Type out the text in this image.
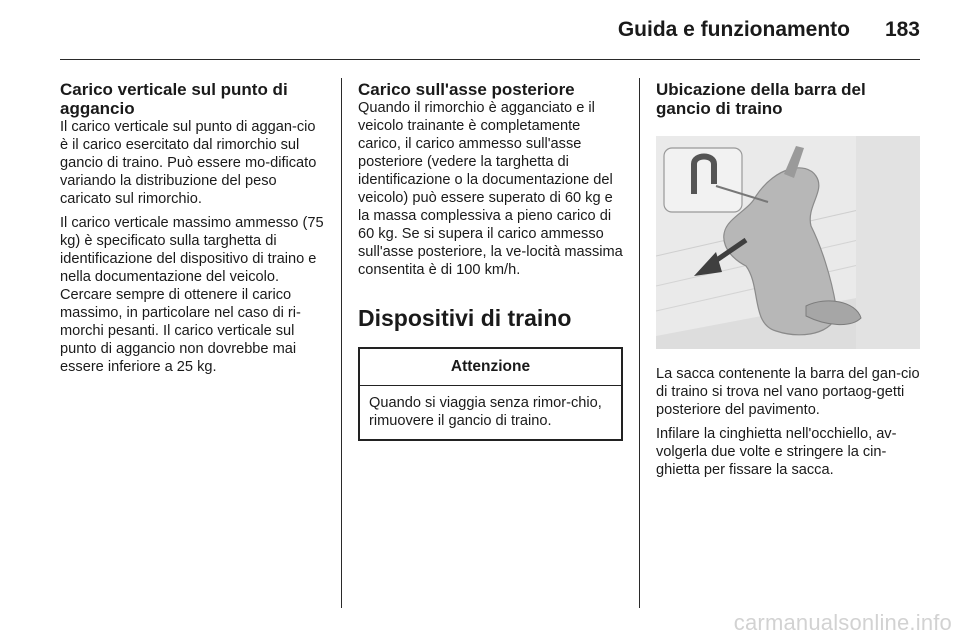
Guida e funzionamento 183
Carico verticale sul punto di aggancio

Il carico verticale sul punto di aggan-cio è il carico esercitato dal rimorchio sul gancio di traino. Può essere mo-dificato variando la distribuzione del peso caricato sul rimorchio.

Il carico verticale massimo ammesso (75 kg) è specificato sulla targhetta di identificazione del dispositivo di traino e nella documentazione del veicolo. Cercare sempre di ottenere il carico massimo, in particolare nel caso di ri-morchi pesanti. Il carico verticale sul punto di aggancio non dovrebbe mai essere inferiore a 25 kg.

Carico sull'asse posteriore

Quando il rimorchio è agganciato e il veicolo trainante è completamente carico, il carico ammesso sull'asse posteriore (vedere la targhetta di identificazione o la documentazione del veicolo) può essere superato di 60 kg e la massa complessiva a pieno carico di 60 kg. Se si supera il carico ammesso sull'asse posteriore, la ve-locità massima consentita è di 100 km/h.

Dispositivi di traino
Attenzione
Quando si viaggia senza rimor-chio, rimuovere il gancio di traino.
Ubicazione della barra del gancio di traino

La sacca contenente la barra del gan-cio di traino si trova nel vano portaog-getti posteriore del pavimento.

Infilare la cinghietta nell'occhiello, av-volgerla due volte e stringere la cin-ghietta per fissare la sacca.

carmanualsonline.info
